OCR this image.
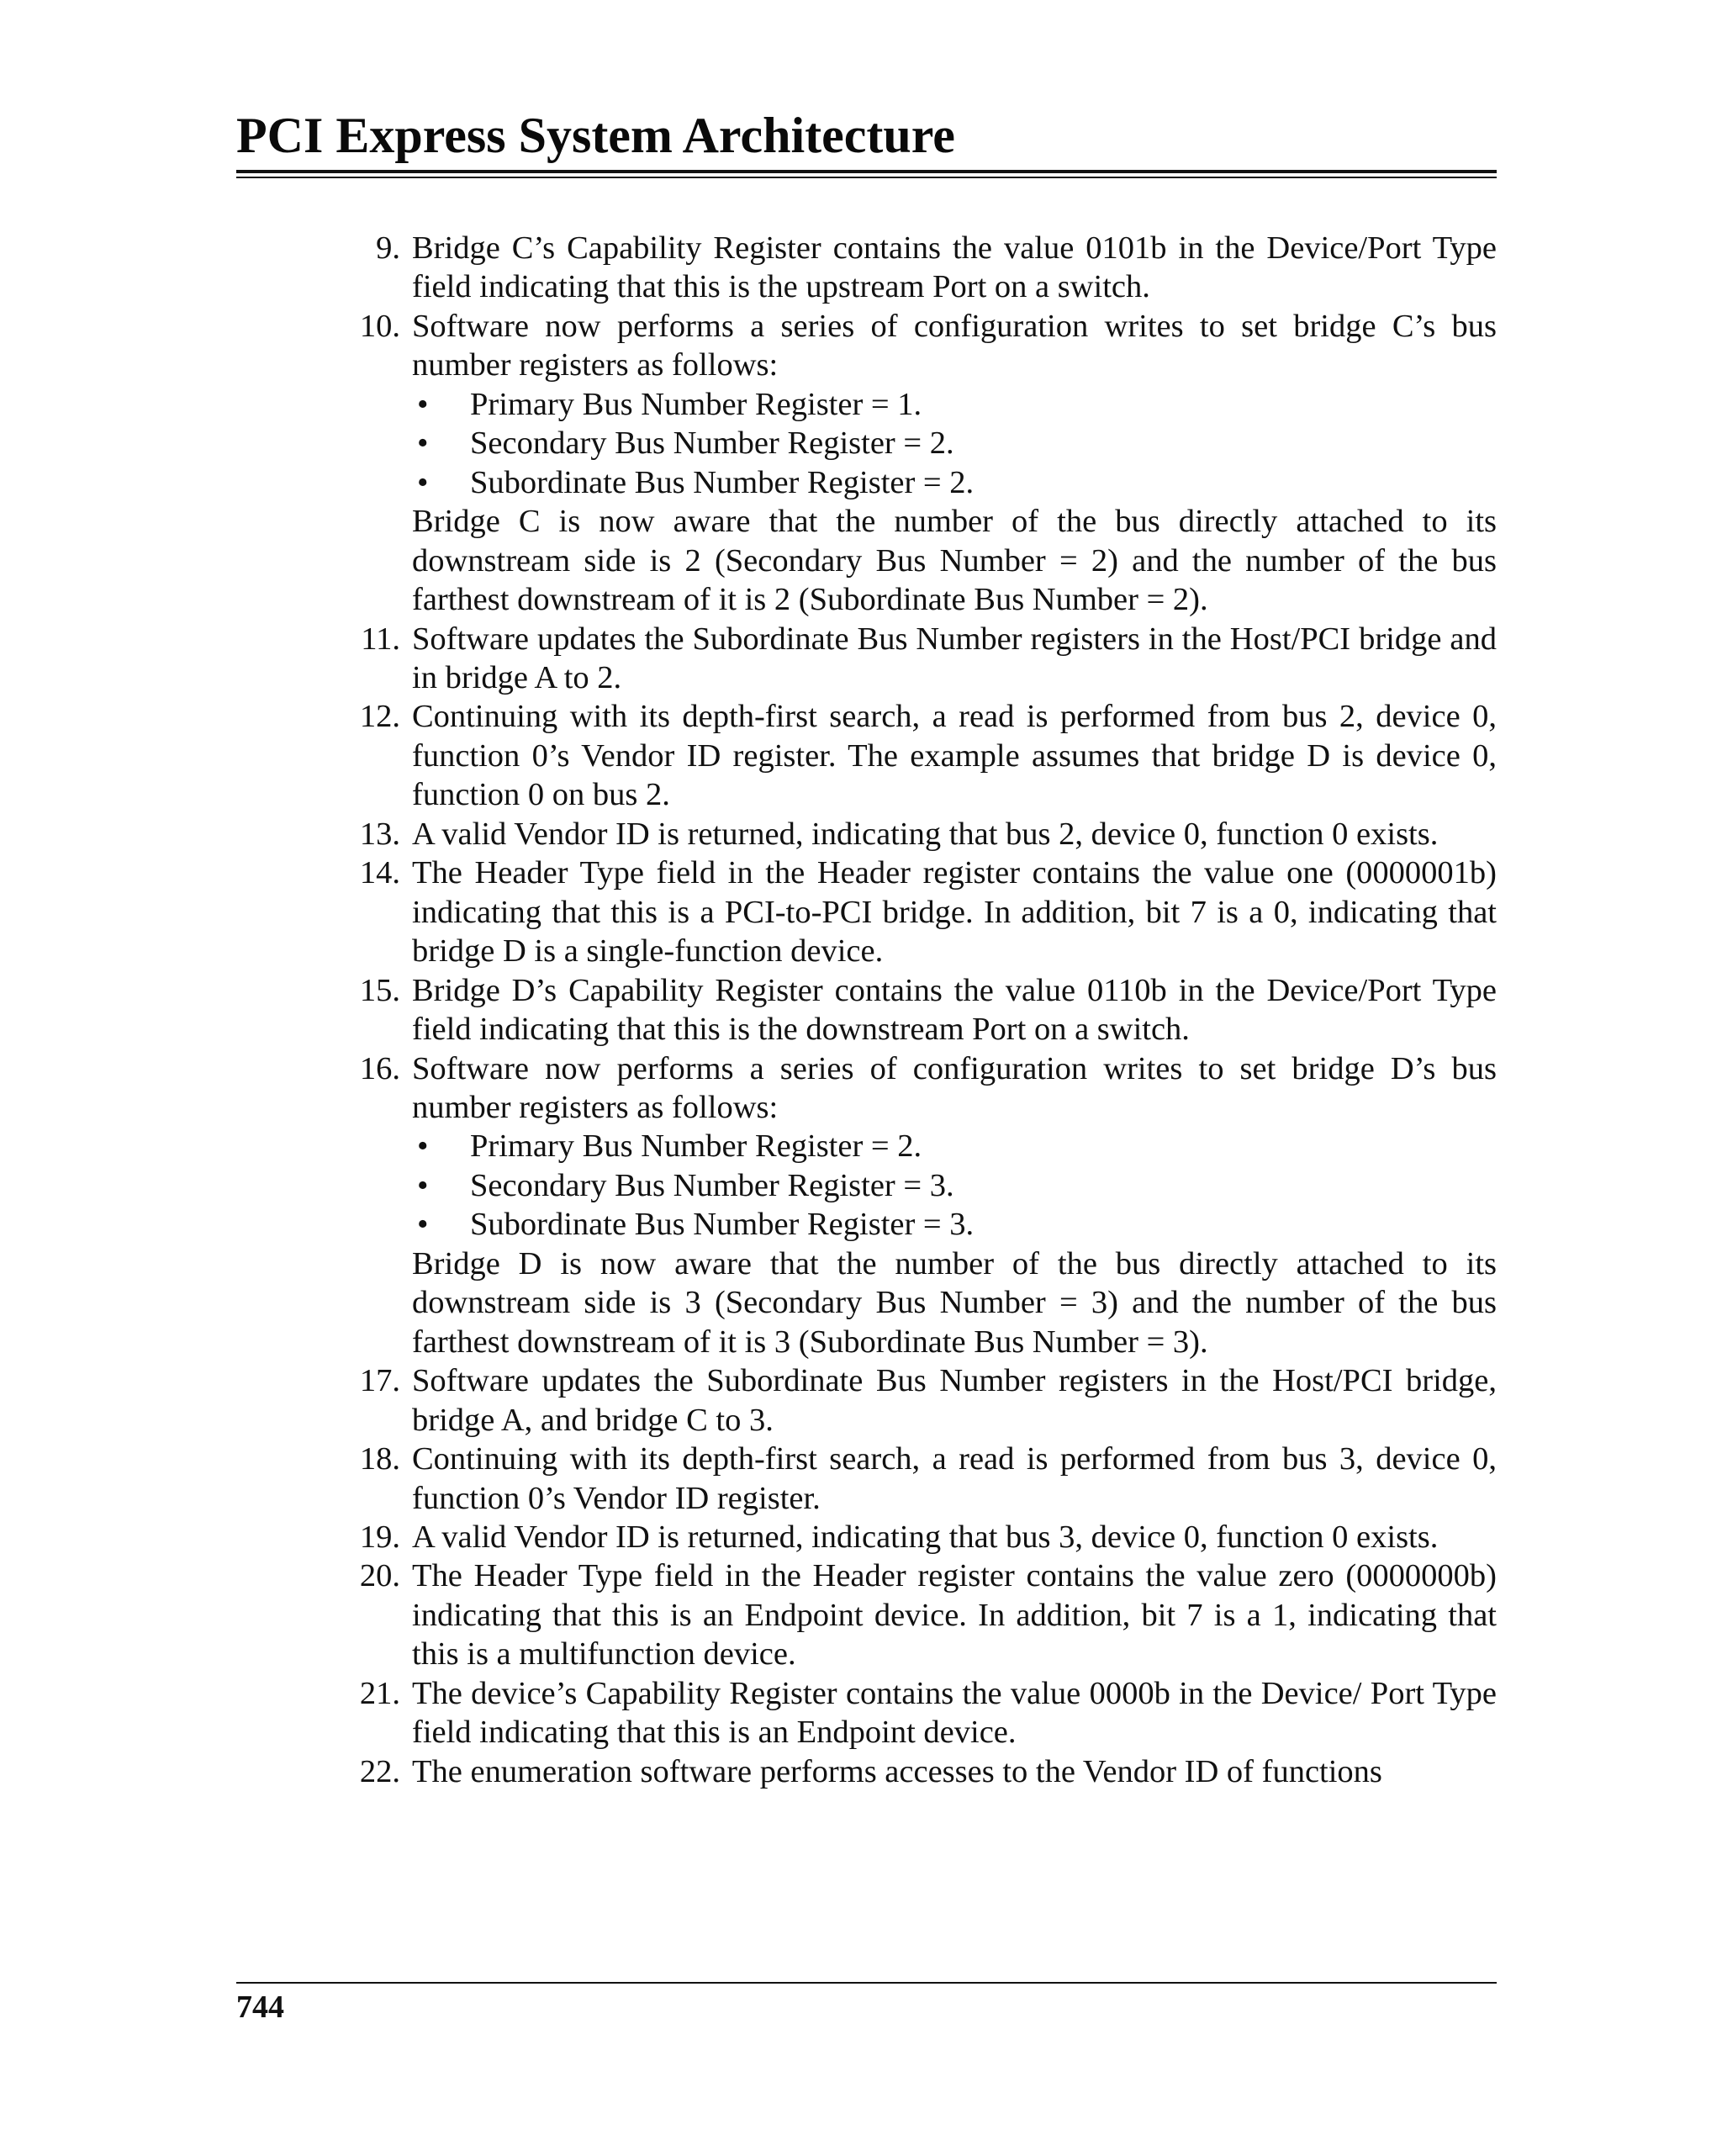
PCI Express System Architecture
9. Bridge C’s Capability Register contains the value 0101b in the Device/Port Type field indicating that this is the upstream Port on a switch.
10. Software now performs a series of configuration writes to set bridge C’s bus number registers as follows:
• Primary Bus Number Register = 1.
• Secondary Bus Number Register = 2.
• Subordinate Bus Number Register = 2.
Bridge C is now aware that the number of the bus directly attached to its downstream side is 2 (Secondary Bus Number = 2) and the number of the bus farthest downstream of it is 2 (Subordinate Bus Number = 2).
11. Software updates the Subordinate Bus Number registers in the Host/PCI bridge and in bridge A to 2.
12. Continuing with its depth-first search, a read is performed from bus 2, device 0, function 0’s Vendor ID register. The example assumes that bridge D is device 0, function 0 on bus 2.
13. A valid Vendor ID is returned, indicating that bus 2, device 0, function 0 exists.
14. The Header Type field in the Header register contains the value one (0000001b) indicating that this is a PCI-to-PCI bridge. In addition, bit 7 is a 0, indicating that bridge D is a single-function device.
15. Bridge D’s Capability Register contains the value 0110b in the Device/Port Type field indicating that this is the downstream Port on a switch.
16. Software now performs a series of configuration writes to set bridge D’s bus number registers as follows:
• Primary Bus Number Register = 2.
• Secondary Bus Number Register = 3.
• Subordinate Bus Number Register = 3.
Bridge D is now aware that the number of the bus directly attached to its downstream side is 3 (Secondary Bus Number = 3) and the number of the bus farthest downstream of it is 3 (Subordinate Bus Number = 3).
17. Software updates the Subordinate Bus Number registers in the Host/PCI bridge, bridge A, and bridge C to 3.
18. Continuing with its depth-first search, a read is performed from bus 3, device 0, function 0’s Vendor ID register.
19. A valid Vendor ID is returned, indicating that bus 3, device 0, function 0 exists.
20. The Header Type field in the Header register contains the value zero (0000000b) indicating that this is an Endpoint device. In addition, bit 7 is a 1, indicating that this is a multifunction device.
21. The device’s Capability Register contains the value 0000b in the Device/ Port Type field indicating that this is an Endpoint device.
22. The enumeration software performs accesses to the Vendor ID of functions
744
